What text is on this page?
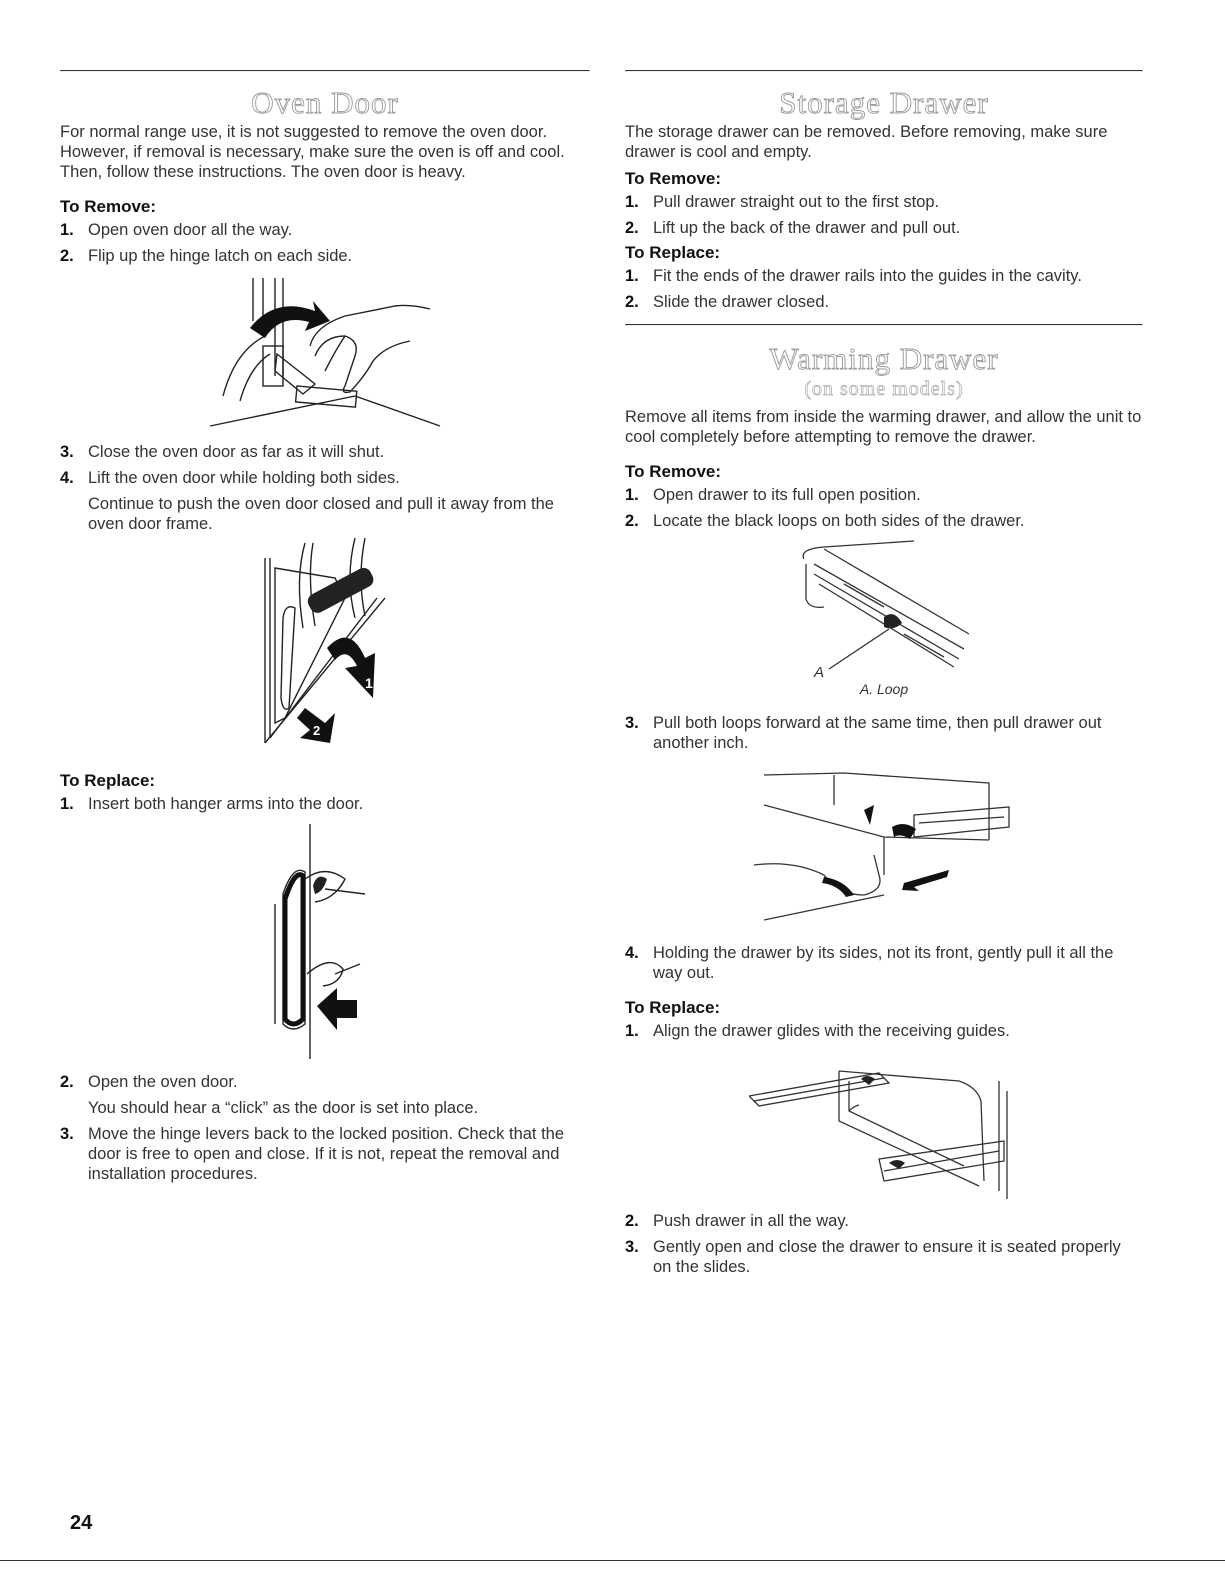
Oven Door

For normal range use, it is not suggested to remove the oven door. However, if removal is necessary, make sure the oven is off and cool. Then, follow these instructions. The oven door is heavy.

To Remove:
1. Open oven door all the way.
2. Flip up the hinge latch on each side.
3. Close the oven door as far as it will shut.
4. Lift the oven door while holding both sides.
Continue to push the oven door closed and pull it away from the oven door frame.
1
2
To Replace:
1. Insert both hanger arms into the door.
2. Open the oven door.
You should hear a “click” as the door is set into place.
3. Move the hinge levers back to the locked position. Check that the door is free to open and close. If it is not, repeat the removal and installation procedures.
Storage Drawer

The storage drawer can be removed. Before removing, make sure drawer is cool and empty.

To Remove:
1. Pull drawer straight out to the first stop.
2. Lift up the back of the drawer and pull out.
To Replace:
1. Fit the ends of the drawer rails into the guides in the cavity.
2. Slide the drawer closed.
Warming Drawer
(on some models)

Remove all items from inside the warming drawer, and allow the unit to cool completely before attempting to remove the drawer.

To Remove:
1. Open drawer to its full open position.
2. Locate the black loops on both sides of the drawer.
A
A. Loop
3. Pull both loops forward at the same time, then pull drawer out another inch.
4. Holding the drawer by its sides, not its front, gently pull it all the way out.
To Replace:
1. Align the drawer glides with the receiving guides.
2. Push drawer in all the way.
3. Gently open and close the drawer to ensure it is seated properly on the slides.
24
